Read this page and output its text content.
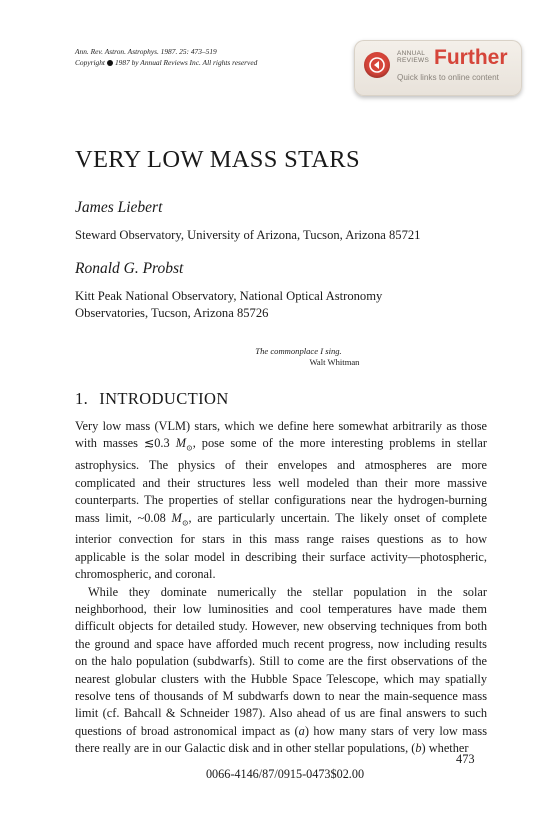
Ann. Rev. Astron. Astrophys. 1987. 25: 473–519
Copyright 1987 by Annual Reviews Inc. All rights reserved
ANNUAL
REVIEWS Further
Quick links to online content
VERY LOW MASS STARS
James Liebert
Steward Observatory, University of Arizona, Tucson, Arizona 85721
Ronald G. Probst
Kitt Peak National Observatory, National Optical Astronomy
Observatories, Tucson, Arizona 85726
The commonplace I sing.
Walt Whitman
1. INTRODUCTION

Very low mass (VLM) stars, which we define here somewhat arbitrarily as those with masses ≲0.3 $M_⊙$, pose some of the more interesting problems in stellar astrophysics. The physics of their envelopes and atmospheres are more complicated and their structures less well modeled than their more massive counterparts. The properties of stellar configurations near the hydrogen-burning mass limit, ~0.08 $M_⊙$, are particularly uncertain. The likely onset of complete interior convection for stars in this mass range raises questions as to how applicable is the solar model in describing their surface activity—photospheric, chromospheric, and coronal.

While they dominate numerically the stellar population in the solar neighborhood, their low luminosities and cool temperatures have made them difficult objects for detailed study. However, new observing techniques from both the ground and space have afforded much recent progress, now including results on the halo population (subdwarfs). Still to come are the first observations of the nearest globular clusters with the Hubble Space Telescope, which may spatially resolve tens of thousands of M subdwarfs down to near the main-sequence mass limit (cf. Bahcall & Schneider 1987). Also ahead of us are final answers to such questions of broad astronomical impact as (a) how many stars of very low mass there really are in our Galactic disk and in other stellar populations, (b) whether

473
0066-4146/87/0915-0473$02.00
